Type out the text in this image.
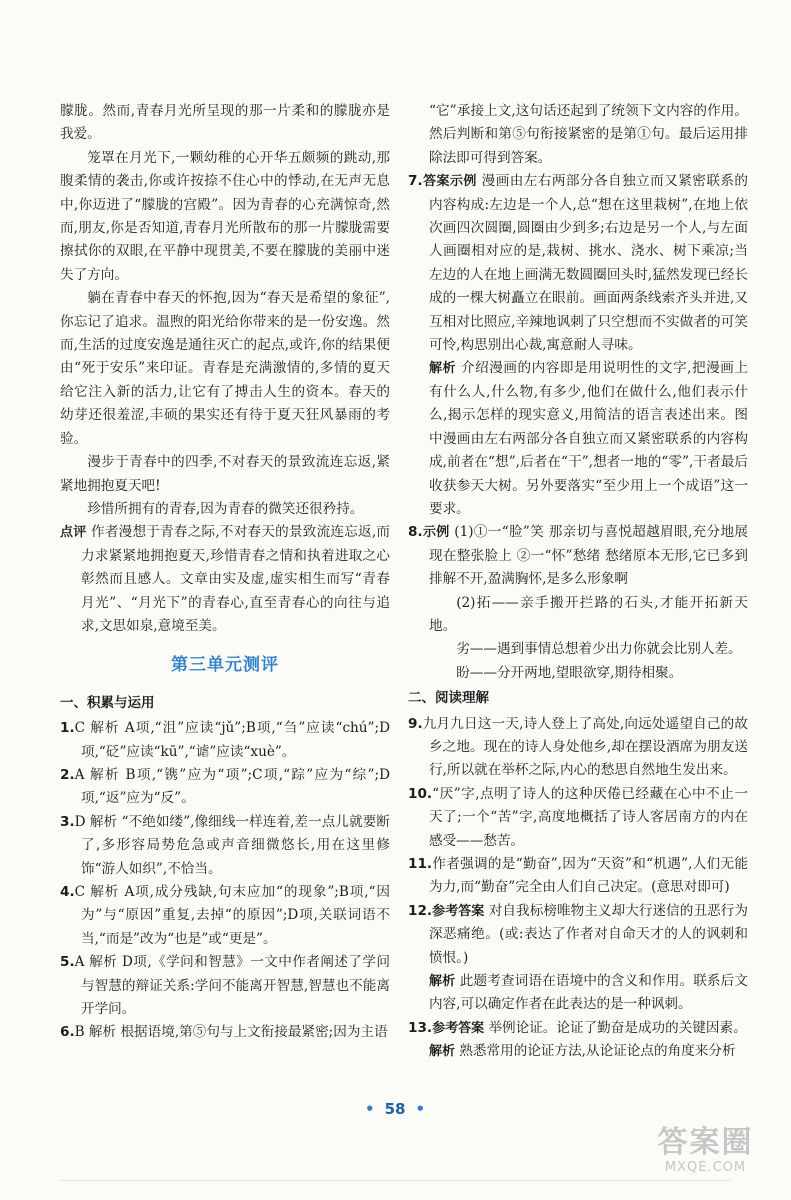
朦胧。然而,青春月光所呈现的那一片柔和的朦胧亦是我爱。

笼罩在月光下,一颗幼稚的心开华五颇频的跳动,那腹柔情的袭击,你或许按捺不住心中的悸动,在无声无息中,你迈进了“朦胧的宫殿”。因为青春的心充满惊奇,然而,朋友,你是否知道,青春月光所散布的那一片朦胧需要擦拭你的双眼,在平静中现贯美,不要在朦胧的美丽中迷失了方向。

躺在青春中春天的怀抱,因为“春天是希望的象征”,你忘记了追求。温煦的阳光给你带来的是一份安逸。然而,生活的过度安逸是通往灭亡的起点,或许,你的结果便由“死于安乐”来印证。青春是充满激情的,多情的夏天给它注入新的活力,让它有了搏击人生的资本。春天的幼芽还很羞涩,丰硕的果实还有待于夏天狂风暴雨的考验。

漫步于青春中的四季,不对春天的景致流连忘返,紧紧地拥抱夏天吧!

珍惜所拥有的青春,因为青春的微笑还很矜持。

点评 作者漫想于青春之际,不对春天的景致流连忘返,而力求紧紧地拥抱夏天,珍惜青春之情和执着进取之心彰然而且感人。文章由实及虚,虚实相生而写“青春月光”、“月光下”的青春心,直至青春心的向往与追求,文思如泉,意境至美。

第三单元测评
一、积累与运用

1.C 解析 A项,“沮”应读“jǔ”;B项,“刍”应读“chú”;D项,“砭”应读“kū”,“谑”应读“xuè”。

2.A 解析 B项,“镌”应为“项”;C项,“踪”应为“综”;D项,“返”应为“反”。

3.D 解析 “不绝如缕”,像细线一样连着,差一点儿就要断了,多形容局势危急或声音细微悠长,用在这里修饰“游人如织”,不恰当。

4.C 解析 A项,成分残缺,句末应加“的现象”;B项,“因为”与“原因”重复,去掉“的原因”;D项,关联词语不当,“而是”改为“也是”或“更是”。

5.A 解析 D项,《学问和智慧》一文中作者阐述了学问与智慧的辩证关系:学问不能离开智慧,智慧也不能离开学问。

6.B 解析 根据语境,第⑤句与上文衔接最紧密;因为主语

“它”承接上文,这句话还起到了统领下文内容的作用。然后判断和第⑤句衔接紧密的是第①句。最后运用排除法即可得到答案。

7.答案示例 漫画由左右两部分各自独立而又紧密联系的内容构成:左边是一个人,总“想在这里栽树”,在地上依次画四次圆圈,圆圈由少到多;右边是另一个人,与左面人画圈相对应的是,栽树、挑水、浇水、树下乘凉;当左边的人在地上画满无数圆圈回头时,猛然发现已经长成的一棵大树矗立在眼前。画面两条线索齐头并进,又互相对比照应,辛辣地讽刺了只空想而不实做者的可笑可怜,构思别出心裁,寓意耐人寻味。

解析 介绍漫画的内容即是用说明性的文字,把漫画上有什么人,什么物,有多少,他们在做什么,他们表示什么,揭示怎样的现实意义,用简洁的语言表述出来。图中漫画由左右两部分各自独立而又紧密联系的内容构成,前者在“想”,后者在“干”,想者一地的“零”,干者最后收获参天大树。另外要落实“至少用上一个成语”这一要求。

8.示例 (1)①一“脸”笑 那亲切与喜悦超越眉眼,充分地展现在整张脸上 ②一“怀”愁绪 愁绪原本无形,它已多到排解不开,盈满胸怀,是多么形象啊

(2)拓——亲手搬开拦路的石头,才能开拓新天地。

劣——遇到事情总想着少出力你就会比别人差。

盼——分开两地,望眼欲穿,期待相聚。

二、阅读理解

9.九月九日这一天,诗人登上了高处,向远处遥望自己的故乡之地。现在的诗人身处他乡,却在摆设酒席为朋友送行,所以就在举杯之际,内心的愁思自然地生发出来。

10.“厌”字,点明了诗人的这种厌倦已经藏在心中不止一天了;一个“苦”字,高度地概括了诗人客居南方的内在感受——愁苦。

11.作者强调的是“勤奋”,因为“天资”和“机遇”,人们无能为力,而“勤奋”完全由人们自己决定。(意思对即可)

12.参考答案 对自我标榜唯物主义却大行迷信的丑恶行为深恶痛绝。(或:表达了作者对自命天才的人的讽刺和愤恨。)

解析 此题考查词语在语境中的含义和作用。联系后文内容,可以确定作者在此表达的是一种讽刺。

13.参考答案 举例论证。论证了勤奋是成功的关键因素。

解析 熟悉常用的论证方法,从论证论点的角度来分析

• 58 •
答案圈
MXQE.COM
